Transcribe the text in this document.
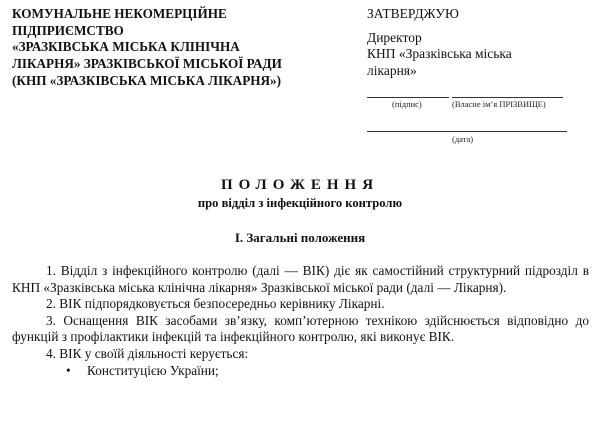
КОМУНАЛЬНЕ НЕКОМЕРЦІЙНЕ
ПІДПРИЄМСТВО
«ЗРАЗКІВСЬКА МІСЬКА КЛІНІЧНА
ЛІКАРНЯ» ЗРАЗКІВСЬКОЇ МІСЬКОЇ РАДИ
(КНП «ЗРАЗКІВСЬКА МІСЬКА ЛІКАРНЯ»)
ЗАТВЕРДЖУЮ
Директор
КНП «Зразківська міська
лікарня»
(підпис)	(Власне ім’я ПРІЗВИЩЕ)
(дата)
ПОЛОЖЕННЯ
про відділ з інфекційного контролю
I. Загальні положення

1. Відділ з інфекційного контролю (далі — ВІК) діє як самостійний структурний підрозділ в КНП «Зразківська міська клінічна лікарня» Зразківської міської ради (далі — Лікарня).

2. ВІК підпорядковується безпосередньо керівнику Лікарні.

3. Оснащення ВІК засобами зв’язку, комп’ютерною технікою здійснюється відповідно до функцій з профілактики інфекцій та інфекційного контролю, які виконує ВІК.

4. ВІК у своїй діяльності керується:

• Конституцією України;
